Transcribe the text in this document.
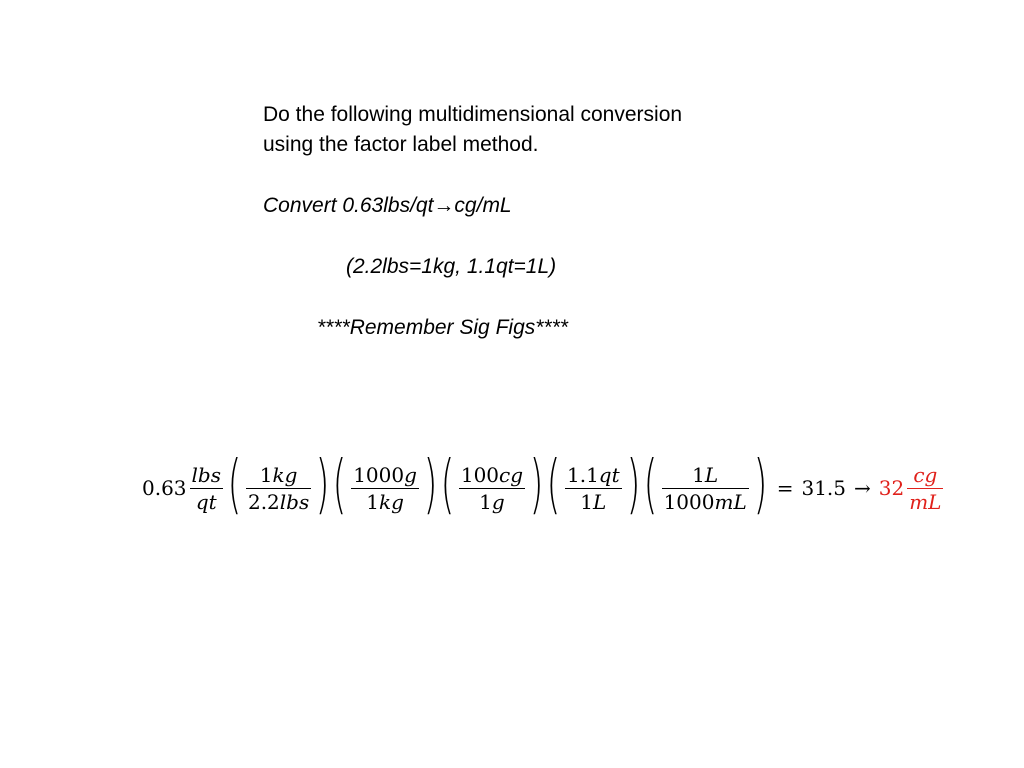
Do the following multidimensional conversion
using the factor label method.
Convert 0.63lbs/qt→cg/mL
(2.2lbs=1kg, 1.1qt=1L)
****Remember Sig Figs****
$0.63 \frac{\text{lbs}}{qt}$ ( $\frac{1kg}{\text{2.2lbs}}$ ) ( $\frac{1000g}{1kg}$ ) ( $\frac{100cg}{1g}$ ) ( $\frac{1.1qt}{1L}$ ) ( $\frac{1L}{1000mL}$ ) = $31.5 \to 32 \frac{cg}{mL}$
